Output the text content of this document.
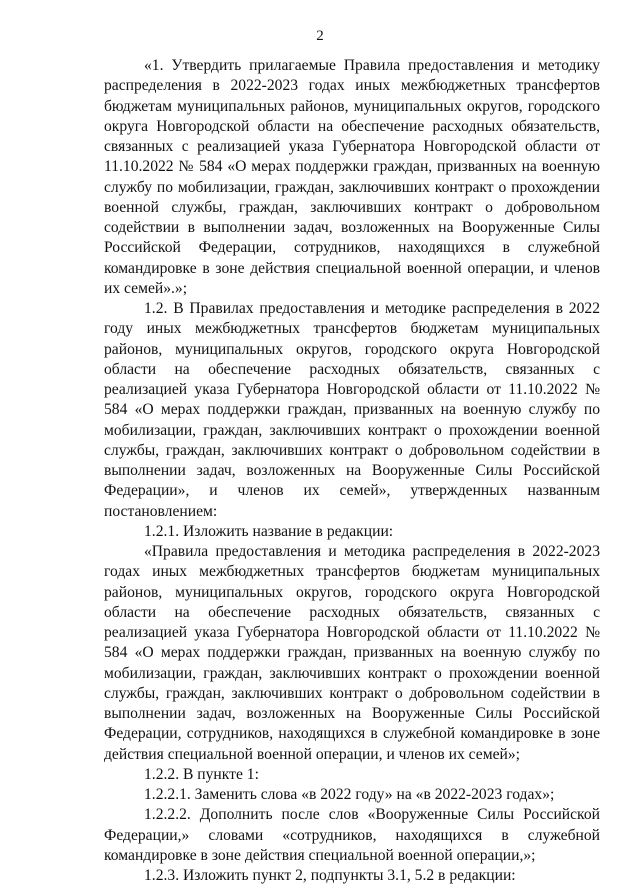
2

«1. Утвердить прилагаемые Правила предоставления и методику распределения в 2022-2023 годах иных межбюджетных трансфертов бюджетам муниципальных районов, муниципальных округов, городского округа Новгородской области на обеспечение расходных обязательств, связанных с реализацией указа Губернатора Новгородской области от 11.10.2022 № 584 «О мерах поддержки граждан, призванных на военную службу по мобилизации, граждан, заключивших контракт о прохождении военной службы, граждан, заключивших контракт о добровольном содействии в выполнении задач, возложенных на Вооруженные Силы Российской Федерации, сотрудников, находящихся в служебной командировке в зоне действия специальной военной операции, и членов их семей».»;

1.2. В Правилах предоставления и методике распределения в 2022 году иных межбюджетных трансфертов бюджетам муниципальных районов, муниципальных округов, городского округа Новгородской области на обеспечение расходных обязательств, связанных с реализацией указа Губернатора Новгородской области от 11.10.2022 № 584 «О мерах поддержки граждан, призванных на военную службу по мобилизации, граждан, заключивших контракт о прохождении военной службы, граждан, заключивших контракт о добровольном содействии в выполнении задач, возложенных на Вооруженные Силы Российской Федерации», и членов их семей», утвержденных названным постановлением:

1.2.1. Изложить название в редакции:

«Правила предоставления и методика распределения в 2022-2023 годах иных межбюджетных трансфертов бюджетам муниципальных районов, муниципальных округов, городского округа Новгородской области на обеспечение расходных обязательств, связанных с реализацией указа Губернатора Новгородской области от 11.10.2022 № 584 «О мерах поддержки граждан, призванных на военную службу по мобилизации, граждан, заключивших контракт о прохождении военной службы, граждан, заключивших контракт о добровольном содействии в выполнении задач, возложенных на Вооруженные Силы Российской Федерации, сотрудников, находящихся в служебной командировке в зоне действия специальной военной операции, и членов их семей»;

1.2.2. В пункте 1:

1.2.2.1. Заменить слова «в 2022 году» на «в 2022-2023 годах»;

1.2.2.2. Дополнить после слов «Вооруженные Силы Российской Федерации,» словами «сотрудников, находящихся в служебной командировке в зоне действия специальной военной операции,»;

1.2.3. Изложить пункт 2, подпункты 3.1, 5.2 в редакции:
